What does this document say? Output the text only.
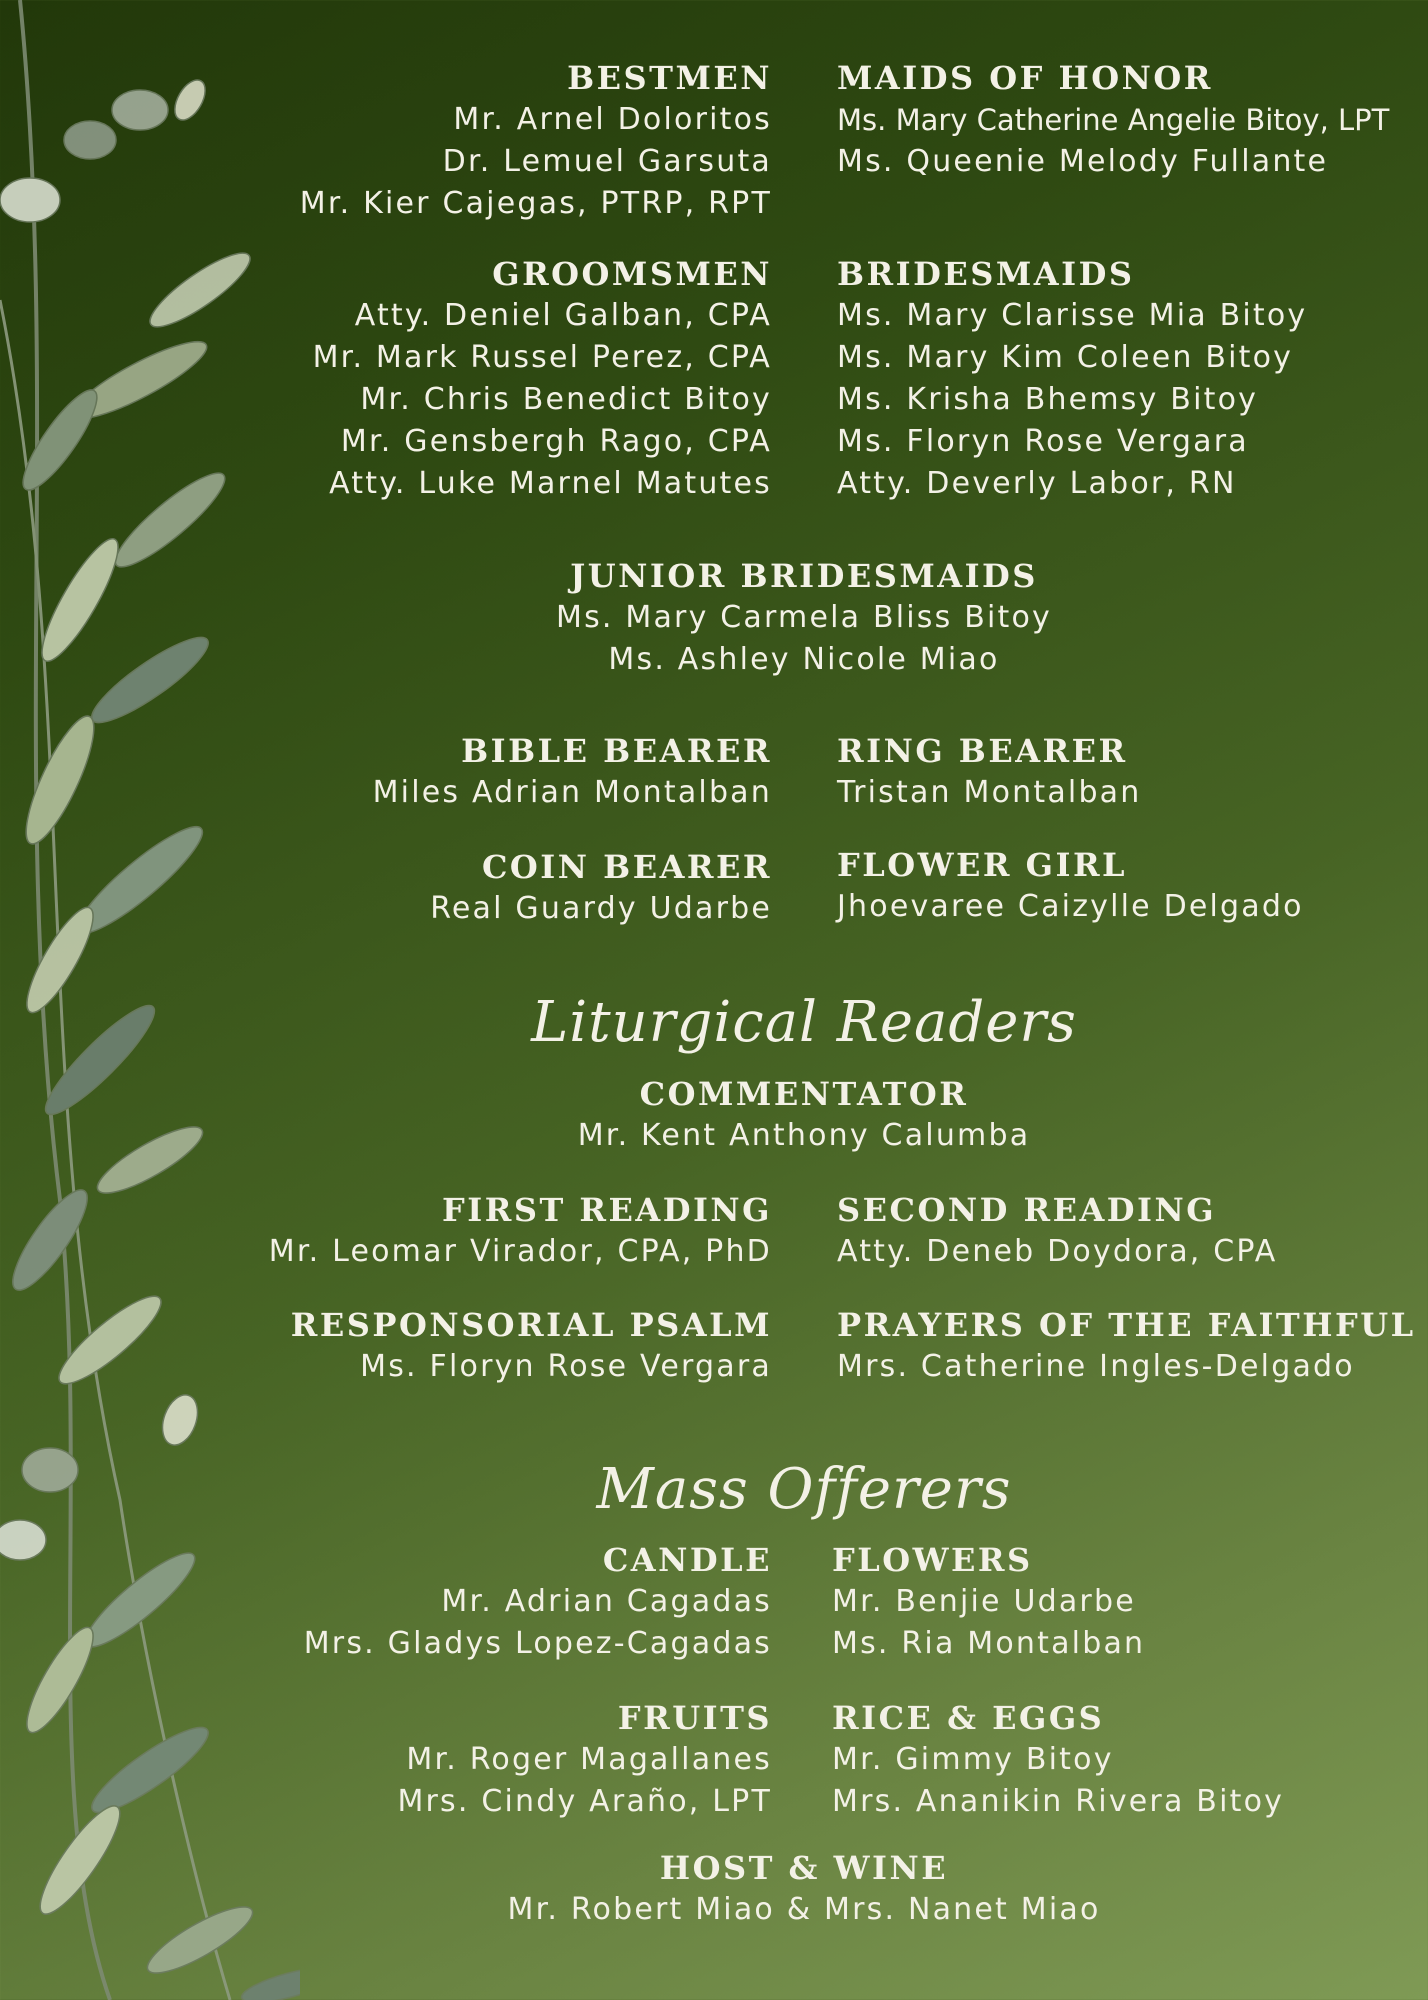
BESTMEN
Mr. Arnel Doloritos
Dr. Lemuel Garsuta
Mr. Kier Cajegas, PTRP, RPT
MAIDS OF HONOR
Ms. Mary Catherine Angelie Bitoy, LPT
Ms. Queenie Melody Fullante
GROOMSMEN
Atty. Deniel Galban, CPA
Mr. Mark Russel Perez, CPA
Mr. Chris Benedict Bitoy
Mr. Gensbergh Rago, CPA
Atty. Luke Marnel Matutes
BRIDESMAIDS
Ms. Mary Clarisse Mia Bitoy
Ms. Mary Kim Coleen Bitoy
Ms. Krisha Bhemsy Bitoy
Ms. Floryn Rose Vergara
Atty. Deverly Labor, RN
JUNIOR BRIDESMAIDS
Ms. Mary Carmela Bliss Bitoy
Ms. Ashley Nicole Miao
BIBLE BEARER
Miles Adrian Montalban
RING BEARER
Tristan Montalban
COIN BEARER
Real Guardy Udarbe
FLOWER GIRL
Jhoevaree Caizylle Delgado
Liturgical Readers
COMMENTATOR
Mr. Kent Anthony Calumba
FIRST READING
Mr. Leomar Virador, CPA, PhD
SECOND READING
Atty. Deneb Doydora, CPA
RESPONSORIAL PSALM
Ms. Floryn Rose Vergara
PRAYERS OF THE FAITHFUL
Mrs. Catherine Ingles-Delgado
Mass Offerers
CANDLE
Mr. Adrian Cagadas
Mrs. Gladys Lopez-Cagadas
FLOWERS
Mr. Benjie Udarbe
Ms. Ria Montalban
FRUITS
Mr. Roger Magallanes
Mrs. Cindy Araño, LPT
RICE & EGGS
Mr. Gimmy Bitoy
Mrs. Ananikin Rivera Bitoy
HOST & WINE
Mr. Robert Miao & Mrs. Nanet Miao
